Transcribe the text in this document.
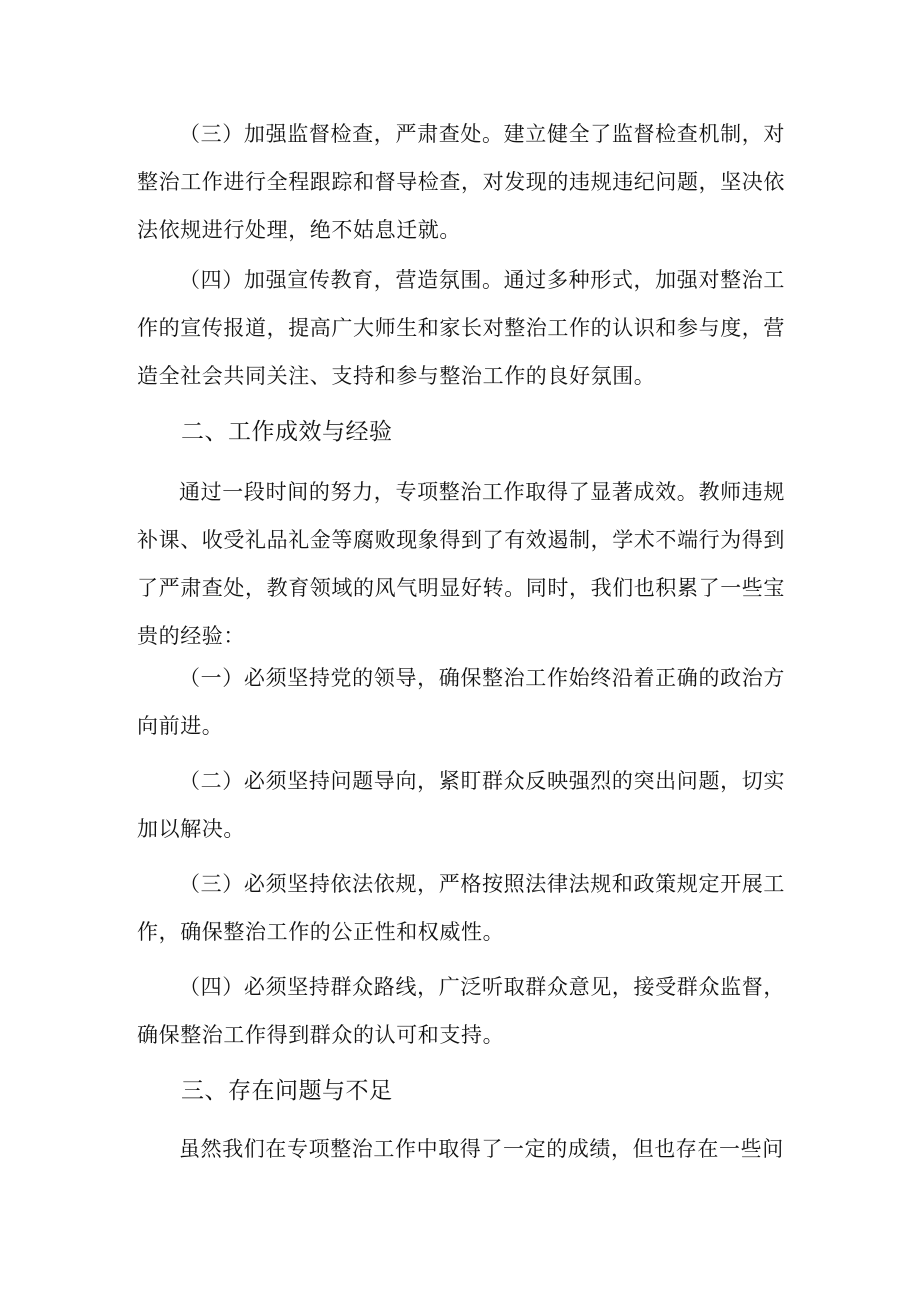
（三）加强监督检查，严肃查处。建立健全了监督检查机制，对整治工作进行全程跟踪和督导检查，对发现的违规违纪问题，坚决依法依规进行处理，绝不姑息迁就。

（四）加强宣传教育，营造氛围。通过多种形式，加强对整治工作的宣传报道，提高广大师生和家长对整治工作的认识和参与度，营造全社会共同关注、支持和参与整治工作的良好氛围。

二、工作成效与经验

通过一段时间的努力，专项整治工作取得了显著成效。教师违规补课、收受礼品礼金等腐败现象得到了有效遏制，学术不端行为得到了严肃查处，教育领域的风气明显好转。同时，我们也积累了一些宝贵的经验：

（一）必须坚持党的领导，确保整治工作始终沿着正确的政治方向前进。

（二）必须坚持问题导向，紧盯群众反映强烈的突出问题，切实加以解决。

（三）必须坚持依法依规，严格按照法律法规和政策规定开展工作，确保整治工作的公正性和权威性。

（四）必须坚持群众路线，广泛听取群众意见，接受群众监督，确保整治工作得到群众的认可和支持。

三、存在问题与不足

虽然我们在专项整治工作中取得了一定的成绩，但也存在一些问
